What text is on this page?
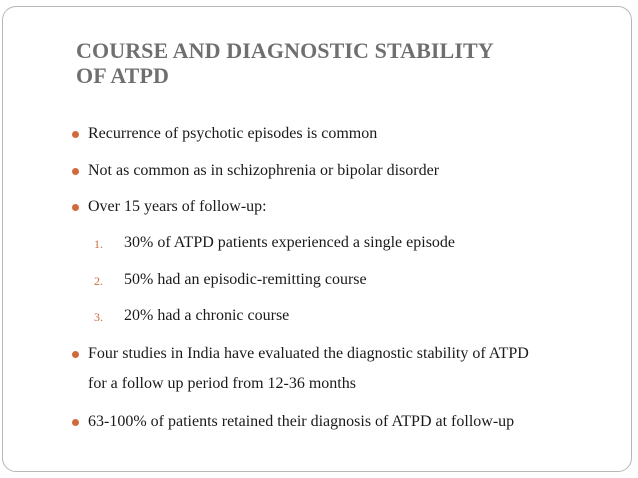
COURSE AND DIAGNOSTIC STABILITY
OF ATPD
Recurrence of psychotic episodes is common
Not as common as in schizophrenia or bipolar disorder
Over 15 years of follow-up:
1. 30% of ATPD patients experienced a single episode
2. 50% had an episodic-remitting course
3. 20% had a chronic course
Four studies in India have evaluated the diagnostic stability of ATPD
for a follow up period from 12-36 months
63-100% of patients retained their diagnosis of ATPD at follow-up
